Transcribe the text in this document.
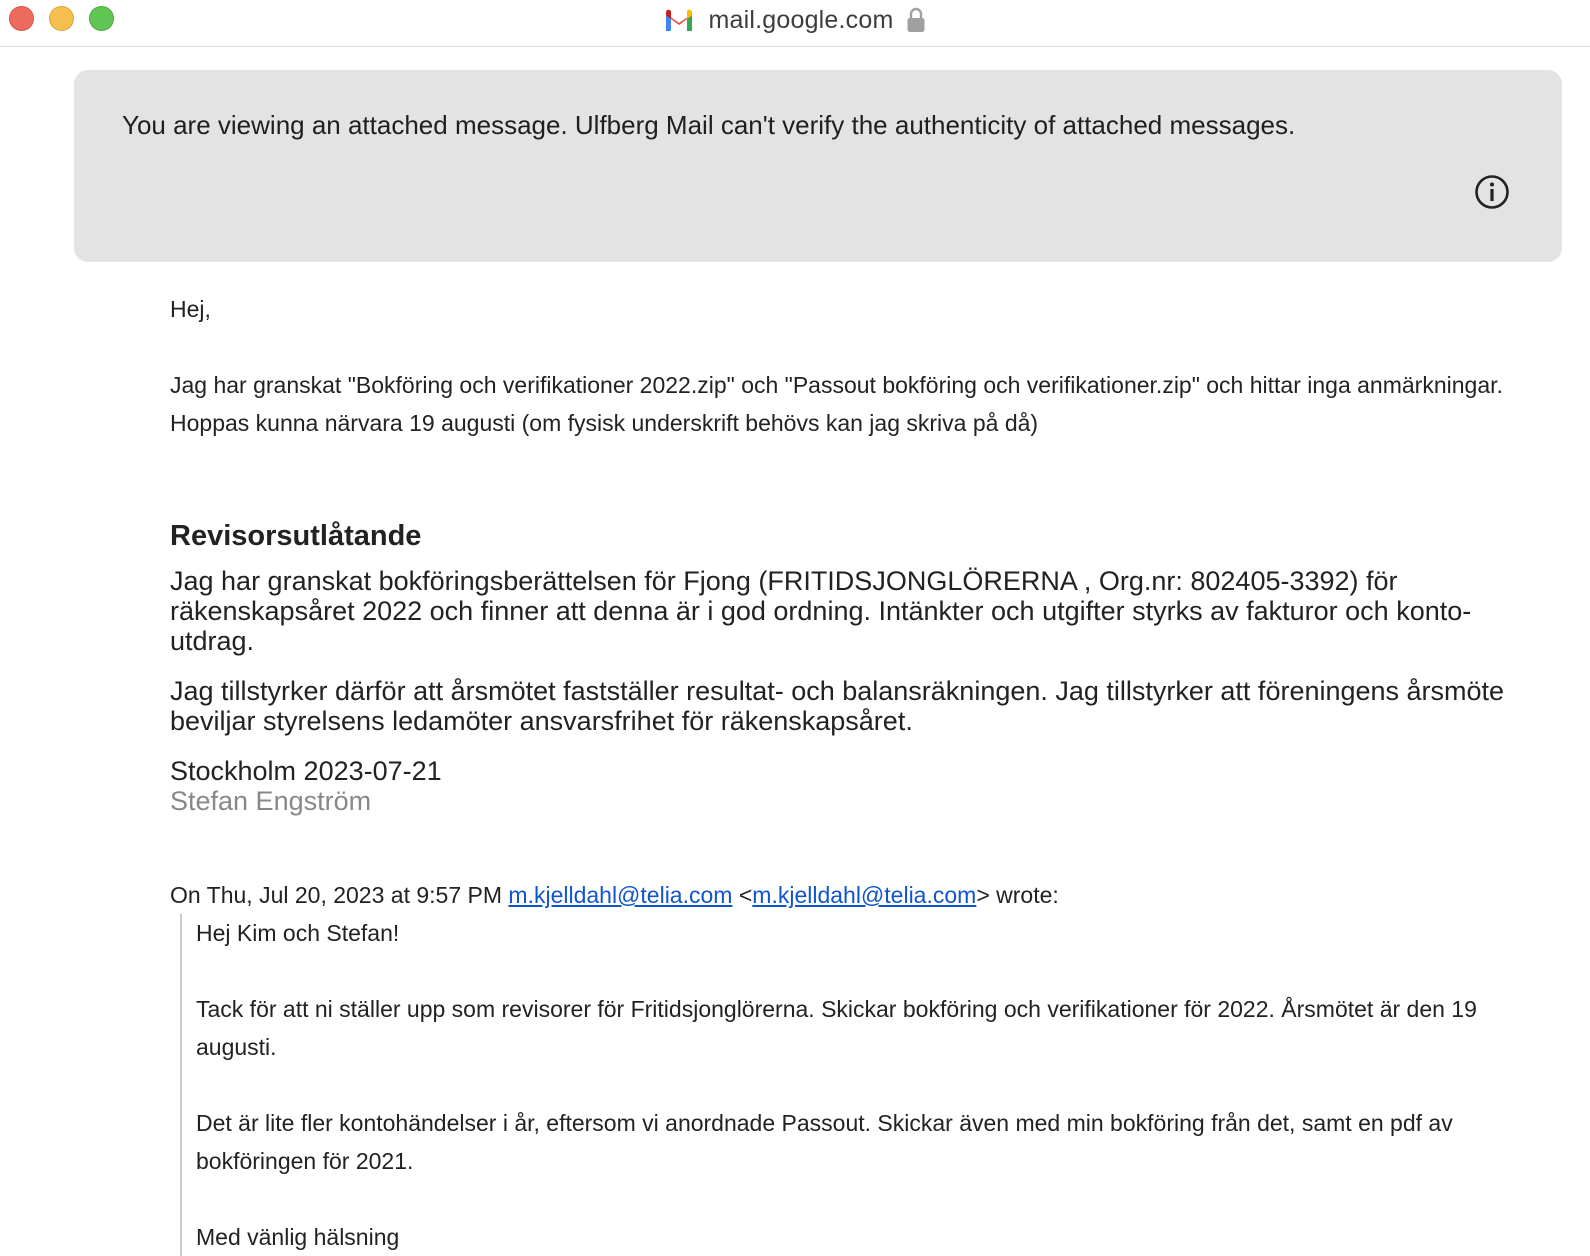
mail.google.com
You are viewing an attached message. Ulfberg Mail can't verify the authenticity of attached messages.

Hej,

Jag har granskat "Bokföring och verifikationer 2022.zip" och "Passout bokföring och verifikationer.zip" och hittar inga anmärkningar. Hoppas kunna närvara 19 augusti (om fysisk underskrift behövs kan jag skriva på då)

Revisorsutlåtande

Jag har granskat bokföringsberättelsen för Fjong (FRITIDSJONGLÖRERNA , Org.nr: 802405-3392) för räkenskapsåret 2022 och finner att denna är i god ordning. Intänkter och utgifter styrks av fakturor och konto-utdrag.

Jag tillstyrker därför att årsmötet fastställer resultat- och balansräkningen. Jag tillstyrker att föreningens årsmöte beviljar styrelsens ledamöter ansvarsfrihet för räkenskapsåret.

Stockholm 2023-07-21

Stefan Engström

On Thu, Jul 20, 2023 at 9:57 PM m.kjelldahl@telia.com <m.kjelldahl@telia.com> wrote:

Hej Kim och Stefan!

Tack för att ni ställer upp som revisorer för Fritidsjonglörerna. Skickar bokföring och verifikationer för 2022. Årsmötet är den 19 augusti.

Det är lite fler kontohändelser i år, eftersom vi anordnade Passout. Skickar även med min bokföring från det, samt en pdf av bokföringen för 2021.

Med vänlig hälsning
